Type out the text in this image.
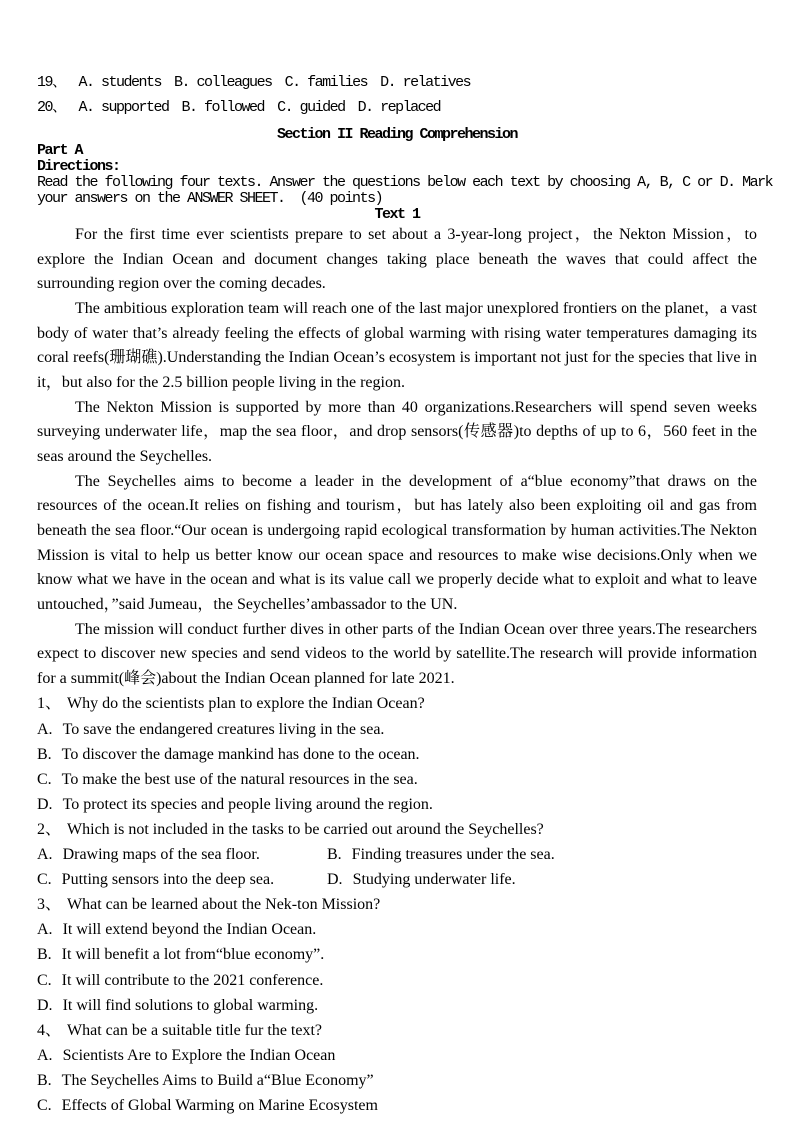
19、 A. students B. colleagues C. families D. relatives
20、 A. supported B. followed C. guided D. replaced
Section II Reading Comprehension
Part A
Directions:
Read the following four texts. Answer the questions below each text by choosing A, B, C or D. Mark
your answers on the ANSWER SHEET.  (40 points)
Text 1

For the first time ever scientists prepare to set about a 3-year-long project，the Nekton Mission，to explore the Indian Ocean and document changes taking place beneath the waves that could affect the surrounding region over the coming decades.

The ambitious exploration team will reach one of the last major unexplored frontiers on the planet，a vast body of water that’s already feeling the effects of global warming with rising water temperatures damaging its coral reefs(珊瑚礁).Understanding the Indian Ocean’s ecosystem is important not just for the species that live in it，but also for the 2.5 billion people living in the region.

The Nekton Mission is supported by more than 40 organizations.Researchers will spend seven weeks surveying underwater life，map the sea floor，and drop sensors(传感器)to depths of up to 6，560 feet in the seas around the Seychelles.

The Seychelles aims to become a leader in the development of a“blue economy”that draws on the resources of the ocean.It relies on fishing and tourism，but has lately also been exploiting oil and gas from beneath the sea floor.“Our ocean is undergoing rapid ecological transformation by human activities.The Nekton Mission is vital to help us better know our ocean space and resources to make wise decisions.Only when we know what we have in the ocean and what is its value call we properly decide what to exploit and what to leave untouched，”said Jumeau，the Seychelles’ambassador to the UN.

The mission will conduct further dives in other parts of the Indian Ocean over three years.The researchers expect to discover new species and send videos to the world by satellite.The research will provide information for a summit(峰会)about the Indian Ocean planned for late 2021.

1、 Why do the scientists plan to explore the Indian Ocean?
A. To save the endangered creatures living in the sea.
B. To discover the damage mankind has done to the ocean.
C. To make the best use of the natural resources in the sea.
D. To protect its species and people living around the region.
2、 Which is not included in the tasks to be carried out around the Seychelles?
A. Drawing maps of the sea floor.	B. Finding treasures under the sea.
C. Putting sensors into the deep sea.	D. Studying underwater life.
3、 What can be learned about the Nek-ton Mission?
A. It will extend beyond the Indian Ocean.
B. It will benefit a lot from“blue economy”.
C. It will contribute to the 2021 conference.
D. It will find solutions to global warming.
4、 What can be a suitable title fur the text?
A. Scientists Are to Explore the Indian Ocean
B. The Seychelles Aims to Build a“Blue Economy”
C. Effects of Global Warming on Marine Ecosystem
